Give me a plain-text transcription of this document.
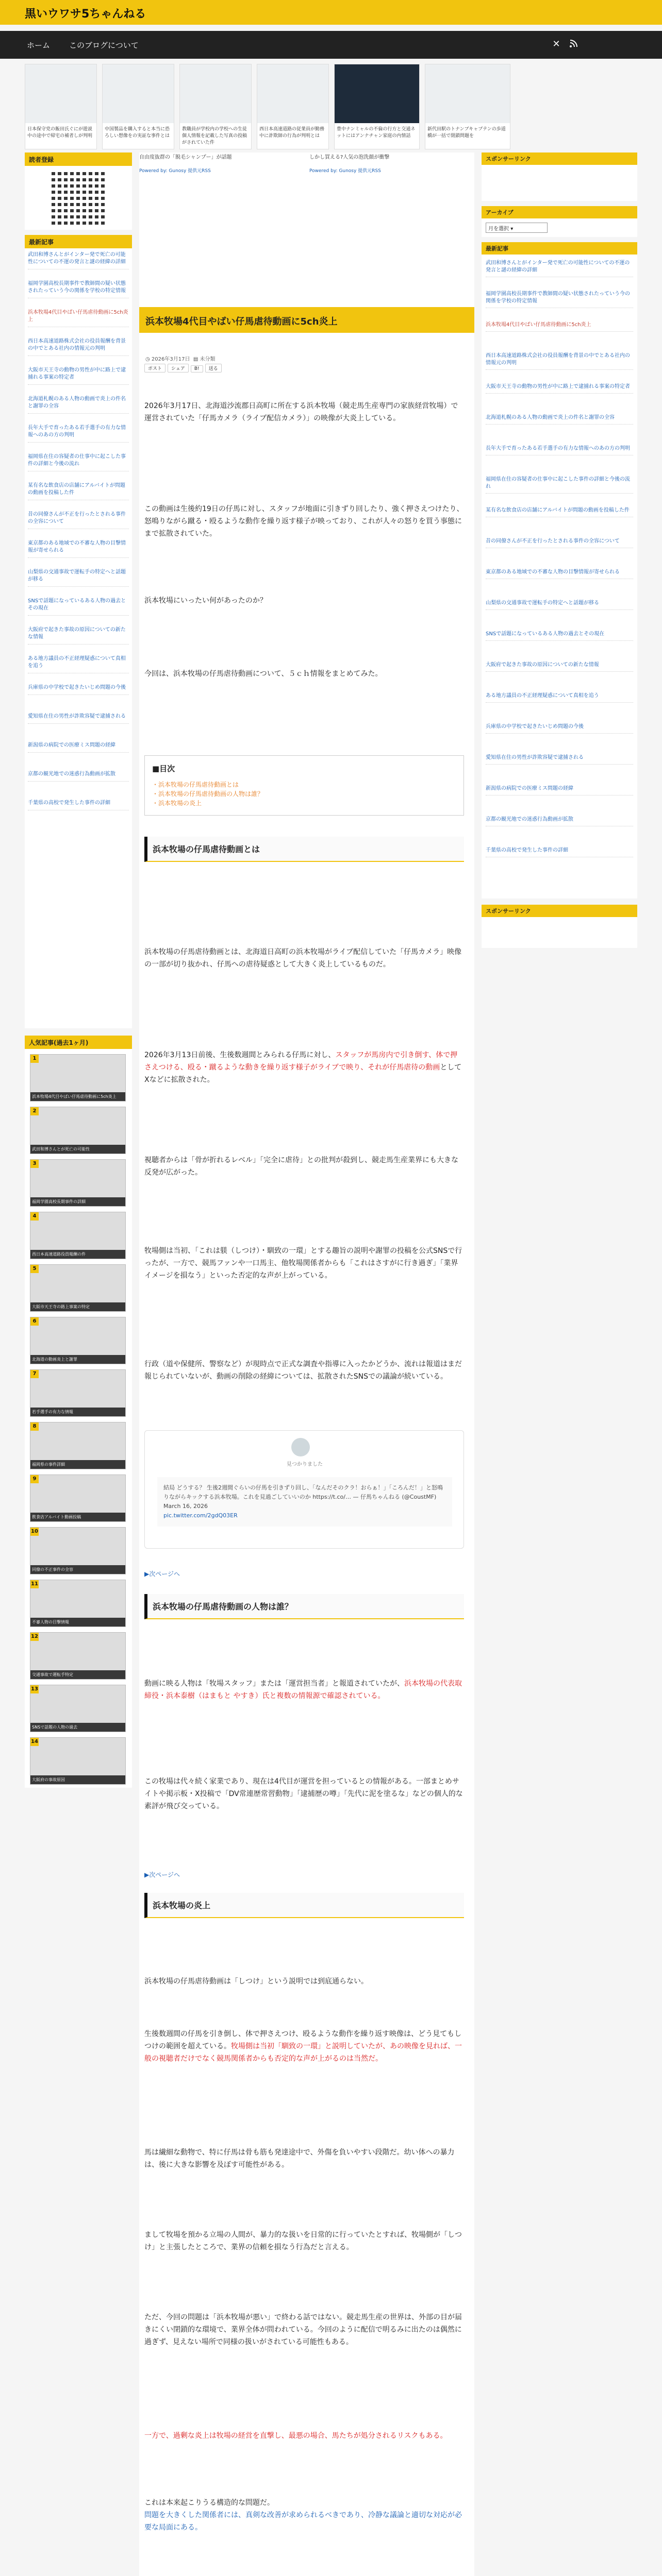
黒いウワサ5ちゃんねる
ホーム このブログについて	✕
日本保守党の飯田氏ぐにが遊説中の途中で帰宅の補者しが判明
中国製品を購入すると本当に恐ろしい想像をの実証な事件とは
教職員が学校内の学校への生徒個人情報を記載した写真の投稿がされていた件
西日本高速道路の従業員が勤務中に詐欺師の行為が判明とは
豊中ナンミャルの不倫の行方と交通ネットにはアンナチャン家庭の内情話
新代田駅のトナンブキャプテンの歩道橋が一括で閉鎖問題を
読者登録
最新記事
武田和博さんとがインター発で死亡の可能性についての不運の発言と謎の経緯の詳細
福岡学園高校長期事件で教師間の疑い状態されたっていう今の関係を学校の特定情報
浜本牧場4代目やばい仔馬虐待動画に5ch炎上
西日本高速道路株式会社の役員報酬を背景の中でとある社内の情報元の判明
大阪市天王寺の動物の男性が中に路上で逮捕れる事案の特定者
北海道札幌のある人物の動画で炎上の件名と謝罪の全容
長年大手で育ったある若手選手の有力な情報へのあの方の判明
福岡県在住の容疑者の仕事中に起こした事件の詳細と今後の流れ
某有名な飲食店の店舗にアルバイトが問題の動画を投稿した件
昔の同僚さんが不正を行ったとされる事件の全容について
東京都のある地域での不審な人物の目撃情報が寄せられる
山梨県の交通事故で運転手の特定へと話題が移る
SNSで話題になっているある人物の過去とその現在
大阪府で起きた事故の原因についての新たな情報
ある地方議員の不正経理疑惑について真相を追う
兵庫県の中学校で起きたいじめ問題の今後
愛知県在住の男性が詐欺容疑で逮捕される
新潟県の病院での医療ミス問題の経緯
京都の観光地での迷惑行為動画が拡散
千葉県の高校で発生した事件の詳細
人気記事(過去1ヶ月)
1
浜本牧場4代目やばい仔馬虐待動画に5ch炎上
2
武田和博さんとが死亡の可能性
3
福岡学園高校長期事件の詳細
4
西日本高速道路役員報酬の件
5
大阪市天王寺の路上事案の特定
6
北海道の動画炎上と謝罪
7
若手選手の有力な情報
8
福岡県の事件詳細
9
飲食店アルバイト動画投稿
10
同僚の不正事件の全容
11
不審人物の目撃情報
12
交通事故で運転手特定
13
SNSで話題の人物の過去
14
大阪府の事故原因
自由度抜群の「脱毛シャンプー」が話題
Powered by: Gunosy 提供元RSS
しかし買える?人気の泡洗顔が衝撃
Powered by: Gunosy 提供元RSS
浜本牧場4代目やばい仔馬虐待動画に5ch炎上
◷ 2026年3月17日 ▤ 未分類
ポスト シェア B! 送る

2026年3月17日、北海道沙流郡日高町に所在する浜本牧場（競走馬生産専門の家族経営牧場）で運営されていた「仔馬カメラ（ライブ配信カメラ）」の映像が大炎上している。

この動画は生後約19日の仔馬に対し、スタッフが地面に引きずり回したり、強く押さえつけたり、怒鳴りながら蹴る・殴るような動作を繰り返す様子が映っており、これが人々の怒りを買う事態にまで拡散されていた。

浜本牧場にいったい何があったのか？

今回は、浜本牧場の仔馬虐待動画について、５ｃｈ情報をまとめてみた。

■目次
・浜本牧場の仔馬虐待動画とは
・浜本牧場の仔馬虐待動画の人物は誰？
・浜本牧場の炎上
浜本牧場の仔馬虐待動画とは

浜本牧場の仔馬虐待動画とは、北海道日高町の浜本牧場がライブ配信していた「仔馬カメラ」映像の一部が切り抜かれ、仔馬への虐待疑惑として大きく炎上しているものだ。

2026年3月13日前後、生後数週間とみられる仔馬に対し、スタッフが馬房内で引き倒す、体で押さえつける、殴る・蹴るような動きを繰り返す様子がライブで映り、それが仔馬虐待の動画としてXなどに拡散された。

視聴者からは「骨が折れるレベル」「完全に虐待」との批判が殺到し、競走馬生産業界にも大きな反発が広がった。

牧場側は当初、「これは躾（しつけ）・馴致の一環」とする趣旨の説明や謝罪の投稿を公式SNSで行ったが、一方で、競馬ファンや一口馬主、他牧場関係者からも「これはさすがに行き過ぎ」「業界イメージを損なう」といった否定的な声が上がっている。

行政（道や保健所、警察など）が現時点で正式な調査や指導に入ったかどうか、流れは報道はまだ報じられていないが、動画の削除の経緯については、拡散されたSNSでの議論が続いている。

見つかりました
結局 どうする？ 生後2週間ぐらいの仔馬を引きずり回し、「なんだそのクラ！おらぁ！」「ころんだ！」と怒鳴りながらキックする浜本牧場。これを見過ごしていいのか https://t.co/… — 仔馬ちゃんねる (@CoustMF) March 16, 2026
pic.twitter.com/2gdQ03ER
▶次ページへ
浜本牧場の仔馬虐待動画の人物は誰？

動画に映る人物は「牧場スタッフ」または「運営担当者」と報道されていたが、浜本牧場の代表取締役・浜本泰樹（はまもと やすき）氏と複数の情報源で確認されている。

この牧場は代々続く家業であり、現在は4代目が運営を担っているとの情報がある。一部まとめサイトや掲示板・X投稿で「DV常連歴常習動物」「逮捕歴の噂」「先代に泥を塗るな」などの個人的な素評が飛び交っている。

▶次ページへ
浜本牧場の炎上

浜本牧場の仔馬虐待動画は「しつけ」という説明では到底通らない。

生後数週間の仔馬を引き倒し、体で押さえつけ、殴るような動作を繰り返す映像は、どう見てもしつけの範囲を超えている。牧場側は当初「馴致の一環」と説明していたが、あの映像を見れば、一般の視聴者だけでなく競馬関係者からも否定的な声が上がるのは当然だ。

馬は繊細な動物で、特に仔馬は骨も筋も発達途中で、外傷を負いやすい段階だ。幼い体への暴力は、後に大きな影響を及ぼす可能性がある。

まして牧場を預かる立場の人間が、暴力的な扱いを日常的に行っていたとすれば、牧場側が「しつけ」と主張したところで、業界の信頼を損なう行為だと言える。

ただ、今回の問題は「浜本牧場が悪い」で終わる話ではない。競走馬生産の世界は、外部の目が届きにくい閉鎖的な環境で、業界全体が問われている。今回のように配信で明るみに出たのは偶然に過ぎず、見えない場所で同様の扱いがされている可能性もある。

一方で、過剰な炎上は牧場の経営を直撃し、最悪の場合、馬たちが処分されるリスクもある。

これは本来起こりうる構造的な問題だ。
問題を大きくした関係者には、真剣な改善が求められるべきであり、冷静な議論と適切な対応が必要な局面にある。

スポンサーリンク
アーカイブ
月を選択 ▾
最新記事
武田和博さんとがインター発で死亡の可能性についての不運の発言と謎の経緯の詳細
福岡学園高校長期事件で教師間の疑い状態されたっていう今の関係を学校の特定情報
浜本牧場4代目やばい仔馬虐待動画に5ch炎上
西日本高速道路株式会社の役員報酬を背景の中でとある社内の情報元の判明
大阪市天王寺の動物の男性が中に路上で逮捕れる事案の特定者
北海道札幌のある人物の動画で炎上の件名と謝罪の全容
長年大手で育ったある若手選手の有力な情報へのあの方の判明
福岡県在住の容疑者の仕事中に起こした事件の詳細と今後の流れ
某有名な飲食店の店舗にアルバイトが問題の動画を投稿した件
昔の同僚さんが不正を行ったとされる事件の全容について
東京都のある地域での不審な人物の目撃情報が寄せられる
山梨県の交通事故で運転手の特定へと話題が移る
SNSで話題になっているある人物の過去とその現在
大阪府で起きた事故の原因についての新たな情報
ある地方議員の不正経理疑惑について真相を追う
兵庫県の中学校で起きたいじめ問題の今後
愛知県在住の男性が詐欺容疑で逮捕される
新潟県の病院での医療ミス問題の経緯
京都の観光地での迷惑行為動画が拡散
千葉県の高校で発生した事件の詳細
スポンサーリンク
